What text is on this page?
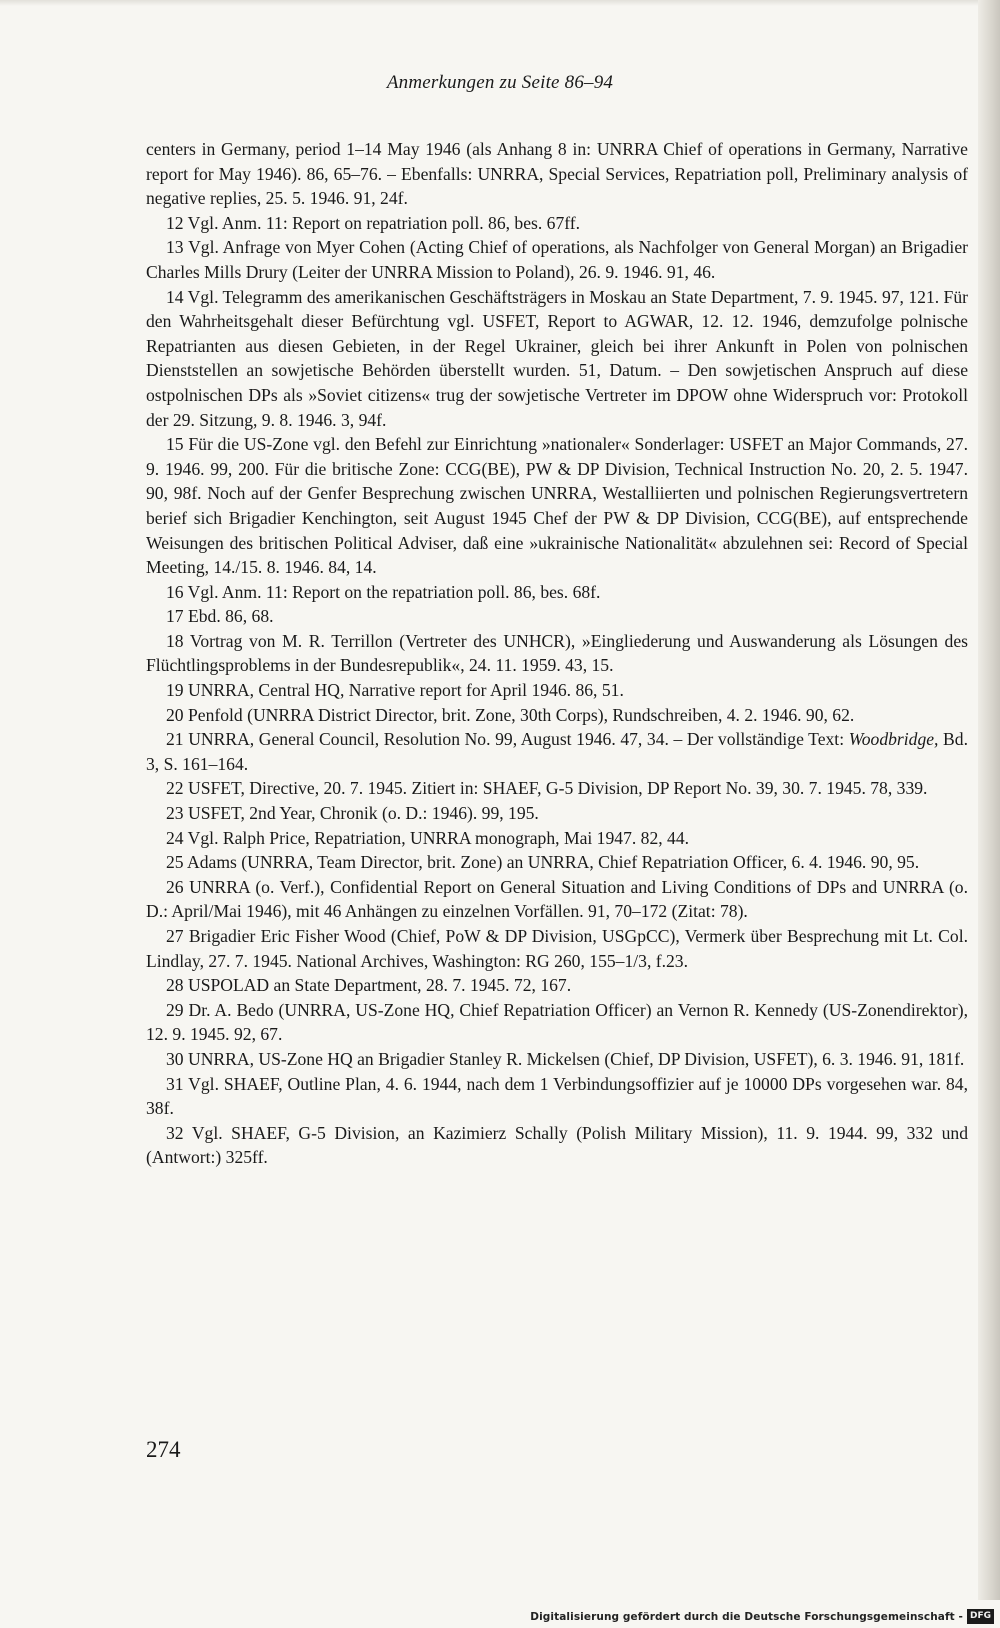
Anmerkungen zu Seite 86–94

centers in Germany, period 1–14 May 1946 (als Anhang 8 in: UNRRA Chief of operations in Germany, Narrative report for May 1946). 86, 65–76. – Ebenfalls: UNRRA, Special Services, Repatriation poll, Preliminary analysis of negative replies, 25. 5. 1946. 91, 24f.

12 Vgl. Anm. 11: Report on repatriation poll. 86, bes. 67ff.

13 Vgl. Anfrage von Myer Cohen (Acting Chief of operations, als Nachfolger von General Morgan) an Brigadier Charles Mills Drury (Leiter der UNRRA Mission to Poland), 26. 9. 1946. 91, 46.

14 Vgl. Telegramm des amerikanischen Geschäftsträgers in Moskau an State Department, 7. 9. 1945. 97, 121. Für den Wahrheitsgehalt dieser Befürchtung vgl. USFET, Report to AGWAR, 12. 12. 1946, demzufolge polnische Repatrianten aus diesen Gebieten, in der Regel Ukrainer, gleich bei ihrer Ankunft in Polen von polnischen Dienststellen an sowjetische Behörden überstellt wurden. 51, Datum. – Den sowjetischen Anspruch auf diese ostpolnischen DPs als »Soviet citizens« trug der sowjetische Vertreter im DPOW ohne Widerspruch vor: Protokoll der 29. Sitzung, 9. 8. 1946. 3, 94f.

15 Für die US-Zone vgl. den Befehl zur Einrichtung »nationaler« Sonderlager: USFET an Major Commands, 27. 9. 1946. 99, 200. Für die britische Zone: CCG(BE), PW & DP Division, Technical Instruction No. 20, 2. 5. 1947. 90, 98f. Noch auf der Genfer Besprechung zwischen UNRRA, Westalliierten und polnischen Regierungsvertretern berief sich Brigadier Kenchington, seit August 1945 Chef der PW & DP Division, CCG(BE), auf entsprechende Weisungen des britischen Political Adviser, daß eine »ukrainische Nationalität« abzulehnen sei: Record of Special Meeting, 14./15. 8. 1946. 84, 14.

16 Vgl. Anm. 11: Report on the repatriation poll. 86, bes. 68f.

17 Ebd. 86, 68.

18 Vortrag von M. R. Terrillon (Vertreter des UNHCR), »Eingliederung und Auswanderung als Lösungen des Flüchtlingsproblems in der Bundesrepublik«, 24. 11. 1959. 43, 15.

19 UNRRA, Central HQ, Narrative report for April 1946. 86, 51.

20 Penfold (UNRRA District Director, brit. Zone, 30th Corps), Rundschreiben, 4. 2. 1946. 90, 62.

21 UNRRA, General Council, Resolution No. 99, August 1946. 47, 34. – Der vollständige Text: Woodbridge, Bd. 3, S. 161–164.

22 USFET, Directive, 20. 7. 1945. Zitiert in: SHAEF, G-5 Division, DP Report No. 39, 30. 7. 1945. 78, 339.

23 USFET, 2nd Year, Chronik (o. D.: 1946). 99, 195.

24 Vgl. Ralph Price, Repatriation, UNRRA monograph, Mai 1947. 82, 44.

25 Adams (UNRRA, Team Director, brit. Zone) an UNRRA, Chief Repatriation Officer, 6. 4. 1946. 90, 95.

26 UNRRA (o. Verf.), Confidential Report on General Situation and Living Conditions of DPs and UNRRA (o. D.: April/Mai 1946), mit 46 Anhängen zu einzelnen Vorfällen. 91, 70–172 (Zitat: 78).

27 Brigadier Eric Fisher Wood (Chief, PoW & DP Division, USGpCC), Vermerk über Besprechung mit Lt. Col. Lindlay, 27. 7. 1945. National Archives, Washington: RG 260, 155–1/3, f.23.

28 USPOLAD an State Department, 28. 7. 1945. 72, 167.

29 Dr. A. Bedo (UNRRA, US-Zone HQ, Chief Repatriation Officer) an Vernon R. Kennedy (US-Zonendirektor), 12. 9. 1945. 92, 67.

30 UNRRA, US-Zone HQ an Brigadier Stanley R. Mickelsen (Chief, DP Division, USFET), 6. 3. 1946. 91, 181f.

31 Vgl. SHAEF, Outline Plan, 4. 6. 1944, nach dem 1 Verbindungsoffizier auf je 10000 DPs vorgesehen war. 84, 38f.

32 Vgl. SHAEF, G-5 Division, an Kazimierz Schally (Polish Military Mission), 11. 9. 1944. 99, 332 und (Antwort:) 325ff.

274
Digitalisierung gefördert durch die Deutsche Forschungsgemeinschaft - DFG
